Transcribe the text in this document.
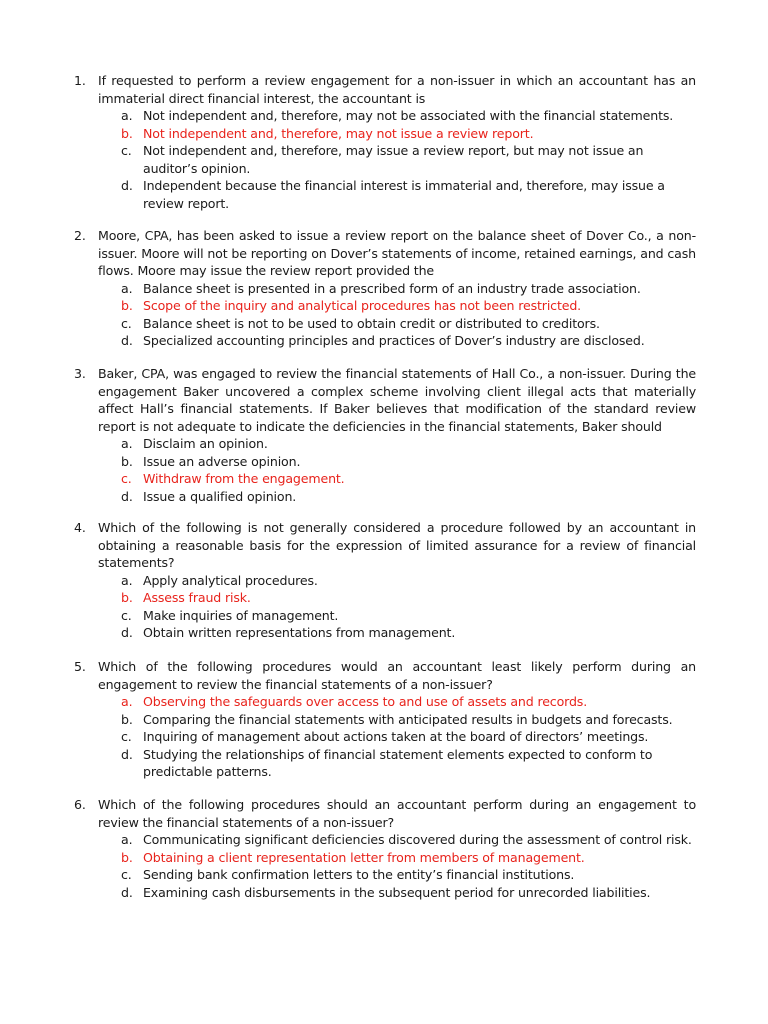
1. If requested to perform a review engagement for a non-issuer in which an accountant has an immaterial direct financial interest, the accountant is
a. Not independent and, therefore, may not be associated with the financial statements.
b. Not independent and, therefore, may not issue a review report.
c. Not independent and, therefore, may issue a review report, but may not issue an auditor’s opinion.
d. Independent because the financial interest is immaterial and, therefore, may issue a review report.
2. Moore, CPA, has been asked to issue a review report on the balance sheet of Dover Co., a non-issuer. Moore will not be reporting on Dover’s statements of income, retained earnings, and cash flows. Moore may issue the review report provided the
a. Balance sheet is presented in a prescribed form of an industry trade association.
b. Scope of the inquiry and analytical procedures has not been restricted.
c. Balance sheet is not to be used to obtain credit or distributed to creditors.
d. Specialized accounting principles and practices of Dover’s industry are disclosed.
3. Baker, CPA, was engaged to review the financial statements of Hall Co., a non-issuer. During the engagement Baker uncovered a complex scheme involving client illegal acts that materially affect Hall’s financial statements. If Baker believes that modification of the standard review report is not adequate to indicate the deficiencies in the financial statements, Baker should
a. Disclaim an opinion.
b. Issue an adverse opinion.
c. Withdraw from the engagement.
d. Issue a qualified opinion.
4. Which of the following is not generally considered a procedure followed by an accountant in obtaining a reasonable basis for the expression of limited assurance for a review of financial statements?
a. Apply analytical procedures.
b. Assess fraud risk.
c. Make inquiries of management.
d. Obtain written representations from management.
5. Which of the following procedures would an accountant least likely perform during an engagement to review the financial statements of a non-issuer?
a. Observing the safeguards over access to and use of assets and records.
b. Comparing the financial statements with anticipated results in budgets and forecasts.
c. Inquiring of management about actions taken at the board of directors’ meetings.
d. Studying the relationships of financial statement elements expected to conform to predictable patterns.
6. Which of the following procedures should an accountant perform during an engagement to review the financial statements of a non-issuer?
a. Communicating significant deficiencies discovered during the assessment of control risk.
b. Obtaining a client representation letter from members of management.
c. Sending bank confirmation letters to the entity’s financial institutions.
d. Examining cash disbursements in the subsequent period for unrecorded liabilities.
